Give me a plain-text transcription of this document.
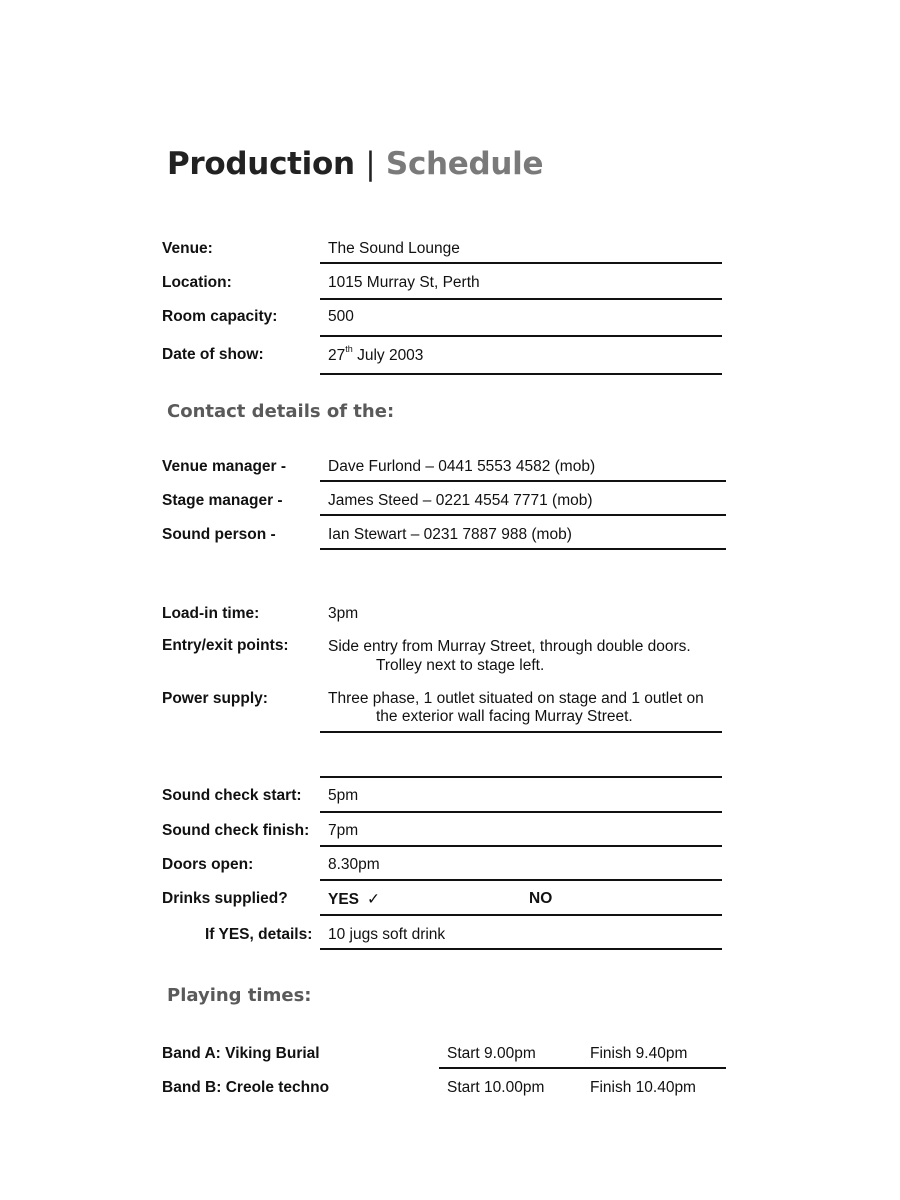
Production | Schedule
Venue:	The Sound Lounge
Location:	1015 Murray St, Perth
Room capacity:	500
Date of show:	27th July 2003
Contact details of the:
Venue manager -	Dave Furlond – 0441 5553 4582 (mob)
Stage manager -	James Steed – 0221 4554 7771 (mob)
Sound person -	Ian Stewart – 0231 7887 988 (mob)
Load-in time:	3pm
Entry/exit points:	Side entry from Murray Street, through double doors.
Trolley next to stage left.
Power supply:	Three phase, 1 outlet situated on stage and 1 outlet on
the exterior wall facing Murray Street.
Sound check start: 5pm
Sound check finish: 7pm
Doors open:	8.30pm
Drinks supplied?	YES ✓	NO
If YES, details: 10 jugs soft drink
Playing times:
Band A: Viking Burial	Start 9.00pm	Finish 9.40pm
Band B: Creole techno	Start 10.00pm	Finish 10.40pm
